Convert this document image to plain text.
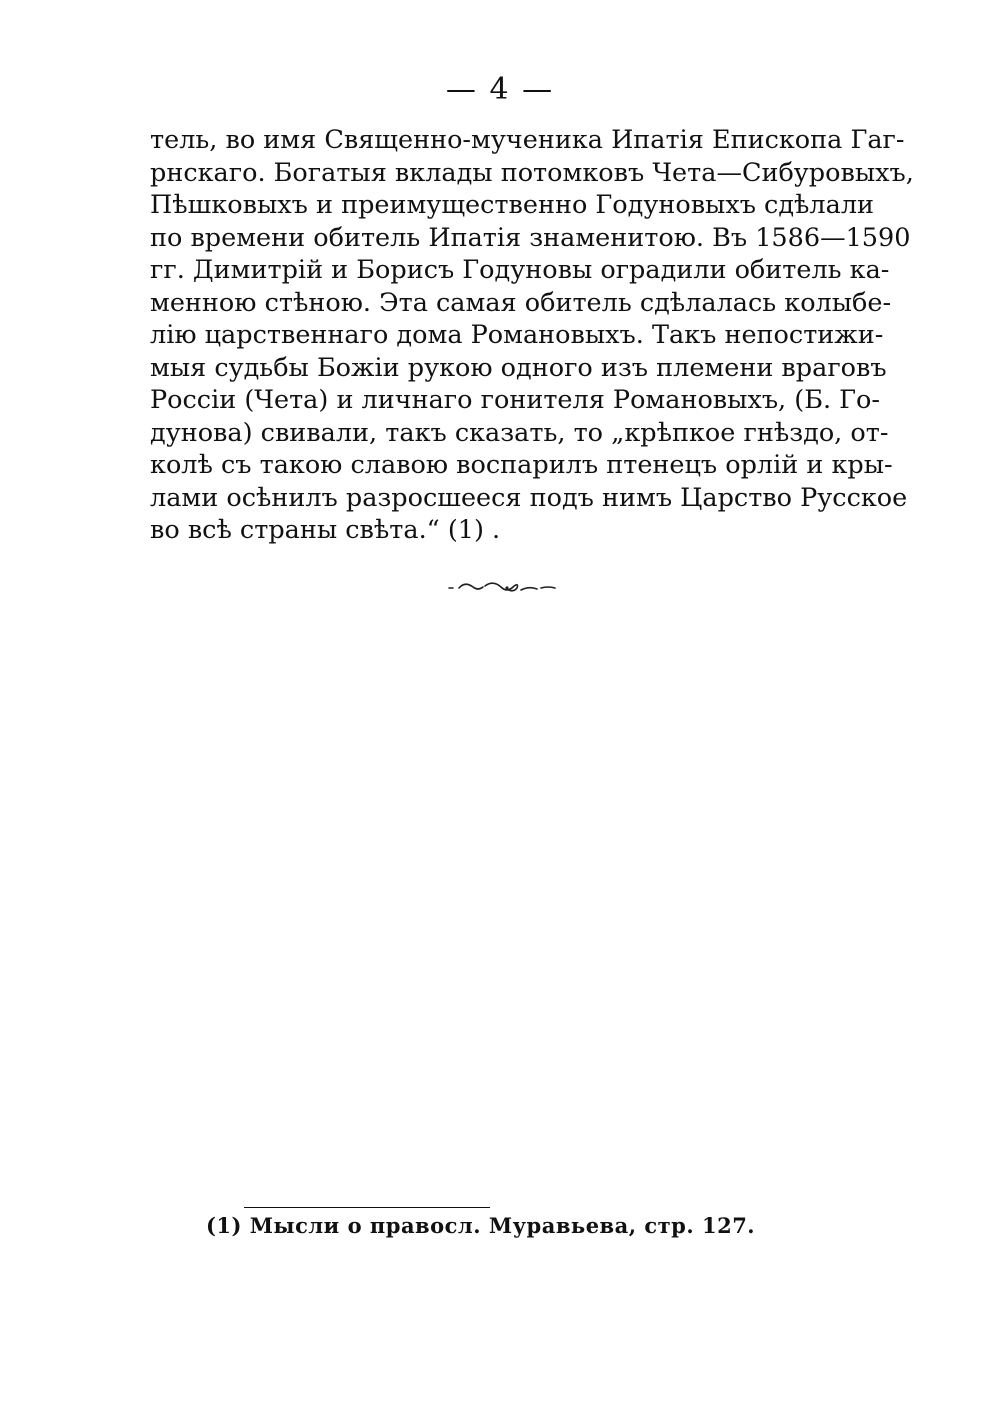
— 4 —
тель, во имя Священно-мученика Ипатія Епископа Гаг-
рнскаго. Богатыя вклады потомковъ Чета—Сибуровыхъ,
Пѣшковыхъ и преимущественно Годуновыхъ сдѣлали
по времени обитель Ипатія знаменитою. Въ 1586—1590
гг. Димитрій и Борисъ Годуновы оградили обитель ка-
менною стѣною. Эта самая обитель сдѣлалась колыбе-
лію царственнаго дома Романовыхъ. Такъ непостижи-
мыя судьбы Божіи рукою одного изъ племени враговъ
Россіи (Чета) и личнаго гонителя Романовыхъ, (Б. Го-
дунова) свивали, такъ сказать, то „крѣпкое гнѣздо, от-
колѣ съ такою славою воспарилъ птенецъ орлій и кры-
лами осѣнилъ разросшееся подъ нимъ Царство Русское
во всѣ страны свѣта.“ (1) .
(1) Мысли о правосл. Муравьева, стр. 127.
